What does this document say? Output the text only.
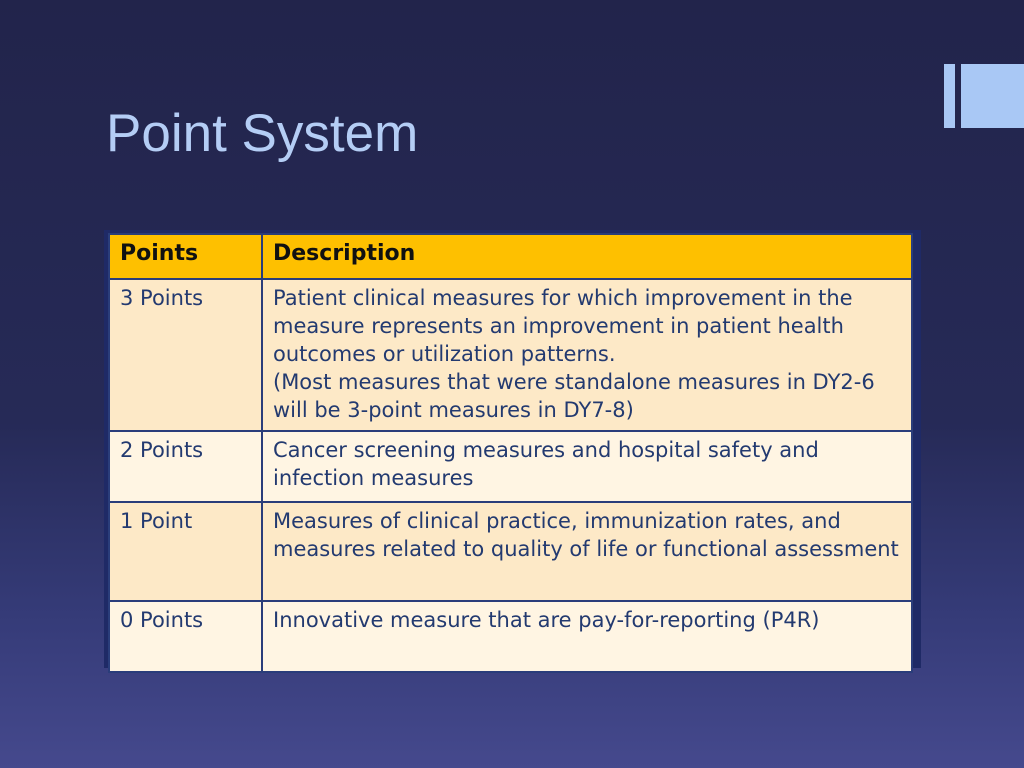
Point System
Points	Description
3 Points	Patient clinical measures for which improvement in the measure represents an improvement in patient health outcomes or utilization patterns.
(Most measures that were standalone measures in DY2-6 will be 3-point measures in DY7-8)

2 Points	Cancer screening measures and hospital safety and infection measures
1 Point	Measures of clinical practice, immunization rates, and measures related to quality of life or functional assessment
0 Points	Innovative measure that are pay-for-reporting (P4R)
